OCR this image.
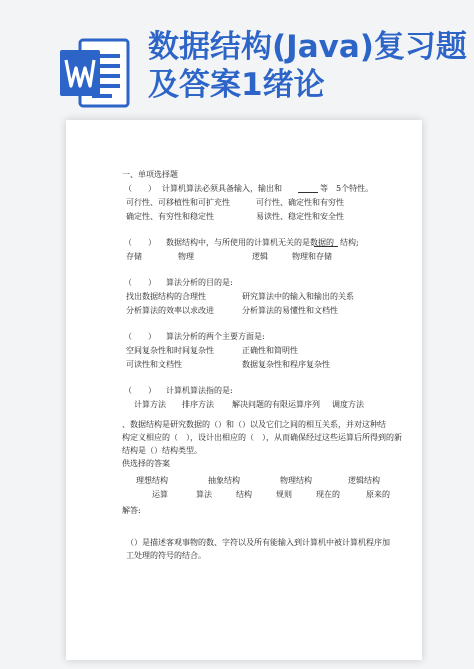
数据结构(Java)复习题及答案1绪论
一、单项选择题
（　　） 计算机算法必须具备输入，输出和	等　5个特性。
可行性、可移植性和可扩充性	可行性、确定性和有穷性
确定性、有穷性和稳定性	易读性、稳定性和安全性
（　　） 数据结构中，与所使用的计算机无关的是数据的 结构;
存储	物理	逻辑	物理和存储
（　　） 算法分析的目的是:
找出数据结构的合理性	研究算法中的输入和输出的关系
分析算法的效率以求改进	分析算法的易懂性和文档性
（　　） 算法分析的两个主要方面是:
空间复杂性和时间复杂性	正确性和简明性
可读性和文档性	数据复杂性和程序复杂性
（　　） 计算机算法指的是:
计算方法 排序方法 解决问题的有限运算序列 调度方法
、数据结构是研究数据的（）和（）以及它们之间的相互关系，并对这种结
构定义相应的（　），设计出相应的（　），从而确保经过这些运算后所得到的新
结构是（）结构类型。
供选择的答案
理想结构	抽象结构	物理结构	逻辑结构
运算	算法	结构	规则	现在的	原来的
解答:
（）是描述客观事物的数、字符以及所有能输入到计算机中被计算机程序加
工处理的符号的结合。
